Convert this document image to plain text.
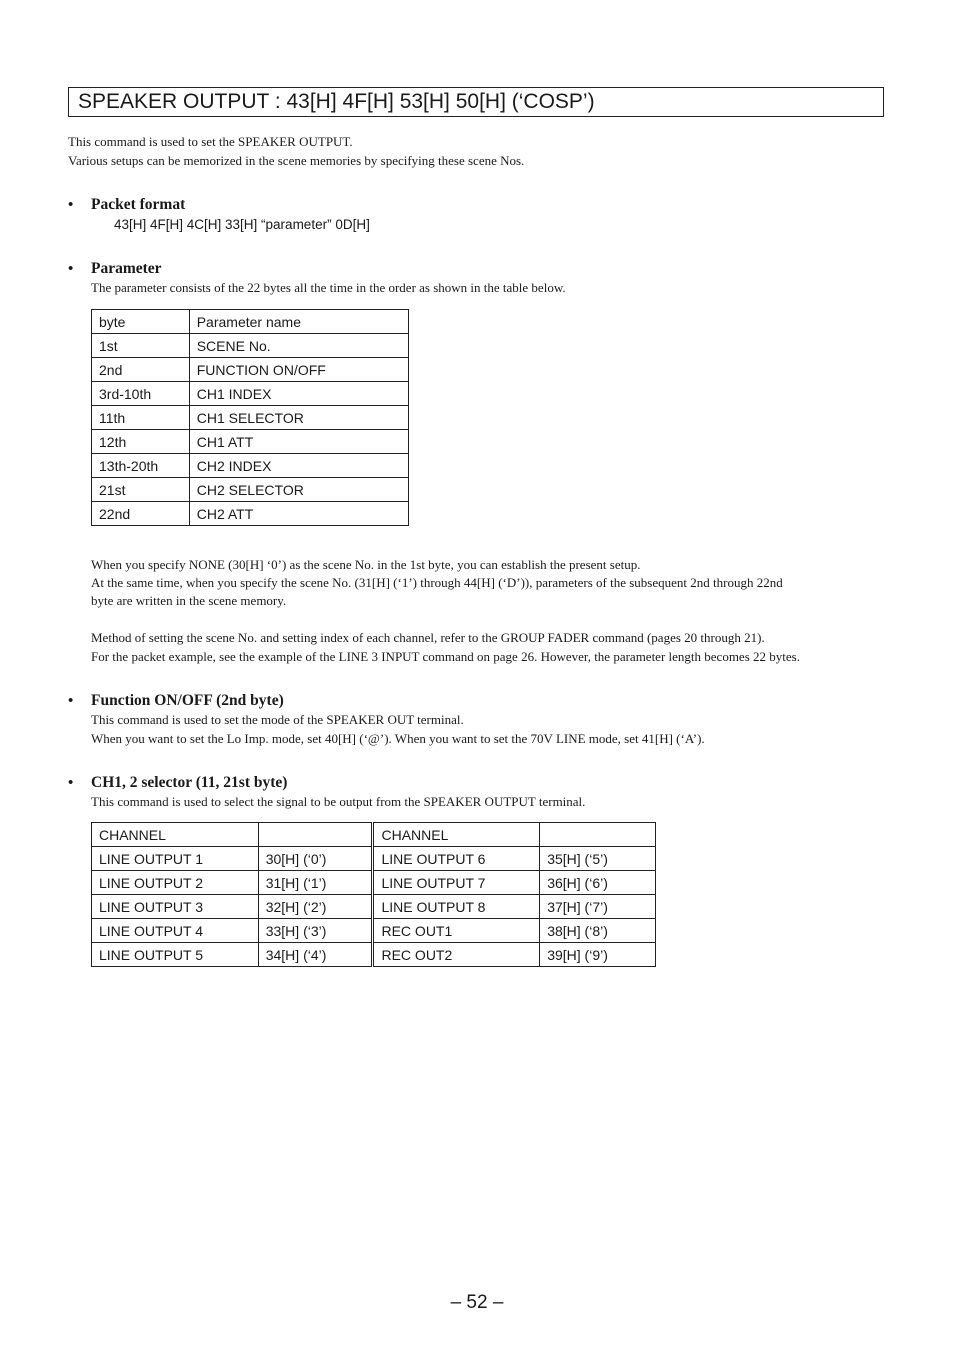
SPEAKER OUTPUT : 43[H] 4F[H] 53[H] 50[H] (‘COSP’)
This command is used to set the SPEAKER OUTPUT.
Various setups can be memorized in the scene memories by specifying these scene Nos.
• Packet format
43[H] 4F[H] 4C[H] 33[H] “parameter” 0D[H]
• Parameter
The parameter consists of the 22 bytes all the time in the order as shown in the table below.
byte	Parameter name
1st	SCENE No.
2nd	FUNCTION ON/OFF
3rd-10th	CH1 INDEX
11th	CH1 SELECTOR
12th	CH1 ATT
13th-20th	CH2 INDEX
21st	CH2 SELECTOR
22nd	CH2 ATT
When you specify NONE (30[H] ‘0’) as the scene No. in the 1st byte, you can establish the present setup.
At the same time, when you specify the scene No. (31[H] (‘1’) through 44[H] (‘D’)), parameters of the subsequent 2nd through 22nd
byte are written in the scene memory.
Method of setting the scene No. and setting index of each channel, refer to the GROUP FADER command (pages 20 through 21).
For the packet example, see the example of the LINE 3 INPUT command on page 26. However, the parameter length becomes 22 bytes.
• Function ON/OFF (2nd byte)
This command is used to set the mode of the SPEAKER OUT terminal.
When you want to set the Lo Imp. mode, set 40[H] (‘@’). When you want to set the 70V LINE mode, set 41[H] (‘A’).
• CH1, 2 selector (11, 21st byte)
This command is used to select the signal to be output from the SPEAKER OUTPUT terminal.
CHANNEL		CHANNEL	
LINE OUTPUT 1	30[H] (‘0’)	LINE OUTPUT 6	35[H] (‘5’)
LINE OUTPUT 2	31[H] (‘1’)	LINE OUTPUT 7	36[H] (‘6’)
LINE OUTPUT 3	32[H] (‘2’)	LINE OUTPUT 8	37[H] (‘7’)
LINE OUTPUT 4	33[H] (‘3’)	REC OUT1	38[H] (‘8’)
LINE OUTPUT 5	34[H] (‘4’)	REC OUT2	39[H] (‘9’)
– 52 –
